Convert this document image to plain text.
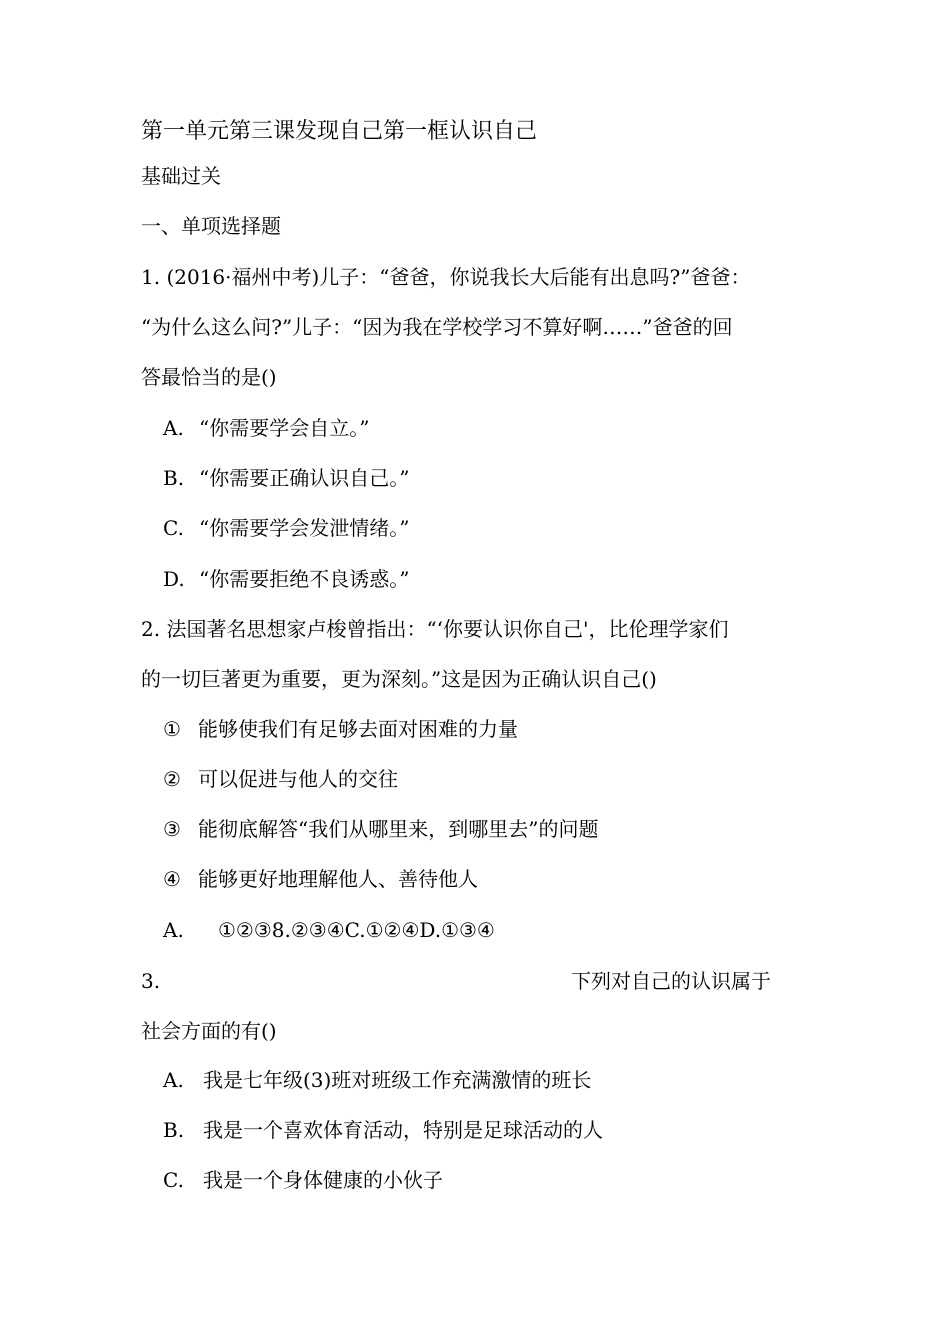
第一单元第三课发现自己第一框认识自己
基础过关
一、单项选择题
1. (2016·福州中考)儿子：“爸爸，你说我长大后能有出息吗?”爸爸：
“为什么这么问?”儿子：“因为我在学校学习不算好啊……”爸爸的回
答最恰当的是()
A. “你需要学会自立。”
B. “你需要正确认识自己。”
C. “你需要学会发泄情绪。”
D. “你需要拒绝不良诱惑。”
2. 法国著名思想家卢梭曾指出：“‘你要认识你自己'，比伦理学家们
的一切巨著更为重要，更为深刻。”这是因为正确认识自己()
① 能够使我们有足够去面对困难的力量
② 可以促进与他人的交往
③ 能彻底解答“我们从哪里来，到哪里去”的问题
④ 能够更好地理解他人、善待他人
A. ①②③8.②③④C.①②④D.①③④
3.	下列对自己的认识属于
社会方面的有()
A. 我是七年级(3)班对班级工作充满激情的班长
B. 我是一个喜欢体育活动，特别是足球活动的人
C. 我是一个身体健康的小伙子
